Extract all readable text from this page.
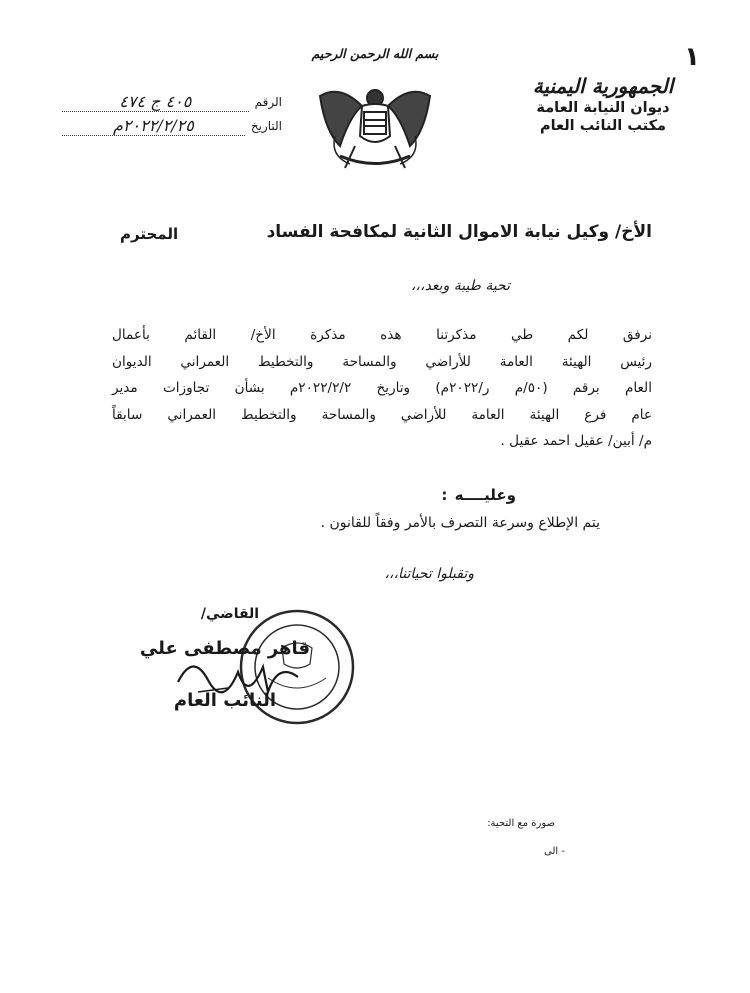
١
الجمهورية اليمنية
ديوان النيابة العامة
مكتب النائب العام
بسم الله الرحمن الرحيم
الرقم
٤٠٥ ج ٤٧٤
التاريخ
٢٠٢٢/٢/٢٥م
الأخ/ وكيل نيابة الاموال الثانية لمكافحة الفساد
المحترم
تحية طيبة وبعد،،،
نرفق لكم طي مذكرتنا هذه مذكرة الأخ/ القائم بأعمال
رئيس الهيئة العامة للأراضي والمساحة والتخطيط العمراني الديوان
العام برقم (٥٠/م ر/٢٠٢٢م) وتاريخ ٢٠٢٢/٢/٢م بشأن تجاوزات مدير
عام فرع الهيئة العامة للأراضي والمساحة والتخطيط العمراني سابقاً
م/ أبين/ عقيل احمد عقيل .
وعليــــه :
يتم الإطلاع وسرعة التصرف بالأمر وفقاً للقانون .
وتقبلوا تحياتنا،،،
القاضي/
قاهر مصطفى علي
النائب العام
صورة مع التحية:
- الى
